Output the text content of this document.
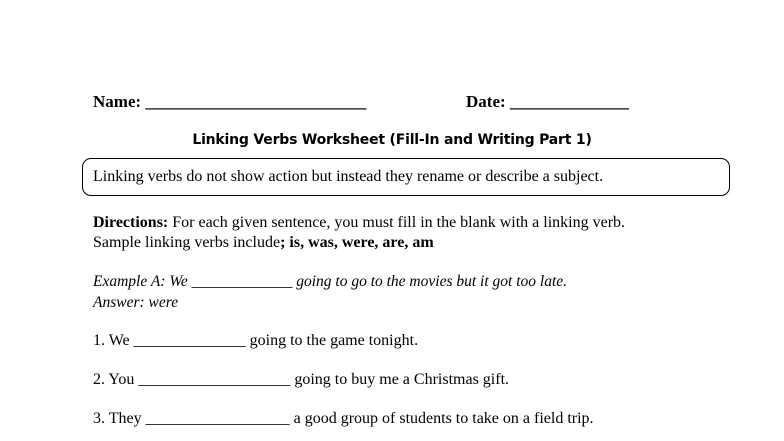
Name: __________________________	Date: ______________
Linking Verbs Worksheet (Fill-In and Writing Part 1)
Linking verbs do not show action but instead they rename or describe a subject.
Directions: For each given sentence, you must fill in the blank with a linking verb.
Sample linking verbs include; is, was, were, are, am
Example A: We _____________ going to go to the movies but it got too late.
Answer: were
1. We ______________ going to the game tonight.
2. You ___________________ going to buy me a Christmas gift.
3. They __________________ a good group of students to take on a field trip.
